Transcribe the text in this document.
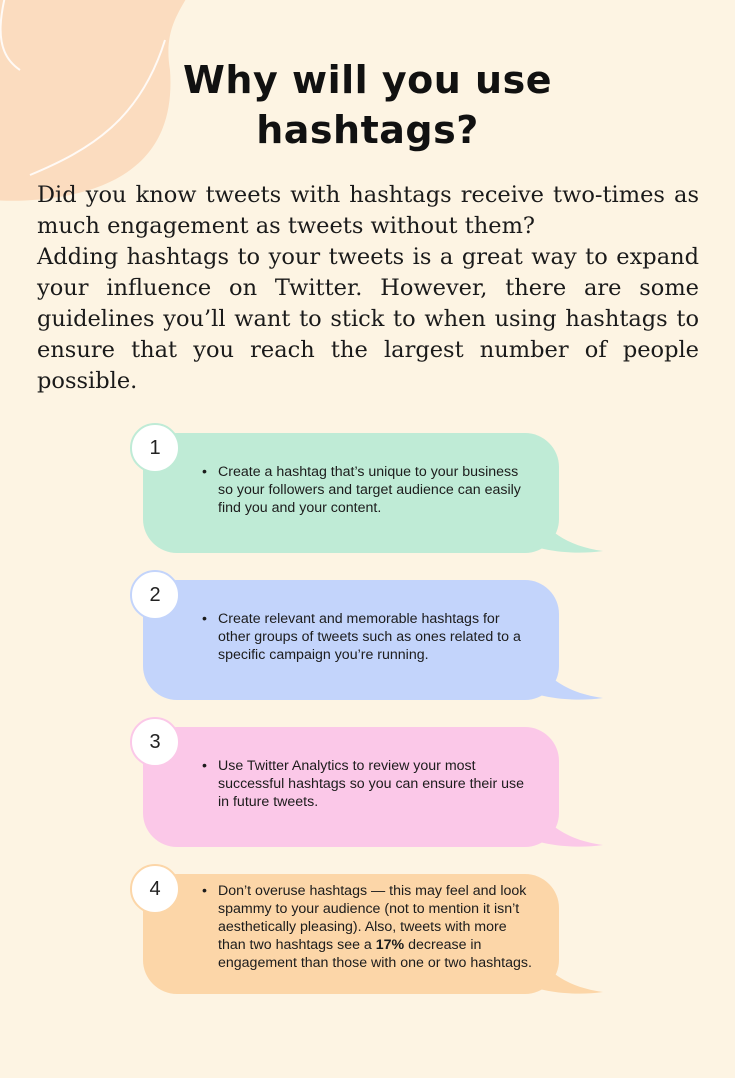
Why will you use
hashtags?

Did you know tweets with hashtags receive two-times as much engagement as tweets without them?

Adding hashtags to your tweets is a great way to expand your influence on Twitter. However, there are some guidelines you’ll want to stick to when using hashtags to ensure that you reach the largest number of people possible.

1
• Create a hashtag that’s unique to your business so your followers and target audience can easily find you and your content.
2
• Create relevant and memorable hashtags for other groups of tweets such as ones related to a specific campaign you’re running.
3
• Use Twitter Analytics to review your most successful hashtags so you can ensure their use in future tweets.
4	• Don’t overuse hashtags — this may feel and look spammy to your audience (not to mention it isn’t aesthetically pleasing). Also, tweets with more than two hashtags see a 17% decrease in engagement than those with one or two hashtags.
